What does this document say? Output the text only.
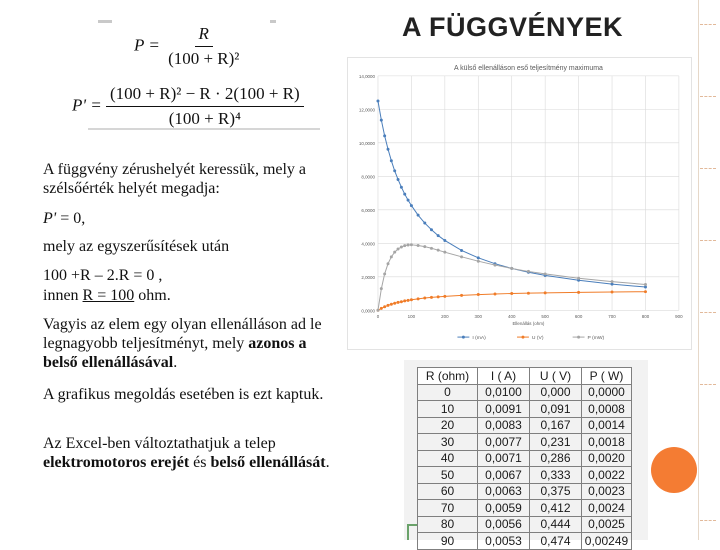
A FÜGGVÉNYEK
$P = \frac{R}{\text{(100 + R)²}}$
$P' = \frac{\text{(100 + R)² − R · 2(100 + R)}}{\text{(100 + R)⁴}}$

A függvény zérushelyét keressük, mely a szélsőérték helyét megadja:

P' = 0,

mely az egyszerűsítések után

100 +R – 2.R = 0 ,

innen R = 100 ohm.

Vagyis az elem egy olyan ellenálláson ad le legnagyobb teljesítményt, mely azonos a belső ellenállásával.

A grafikus megoldás esetében is ezt kaptuk.

Az Excel-ben változtathatjuk a telep elektromotoros erejét és belső ellenállását.

A külső ellenálláson eső teljesítmény maximuma
0,0000
2,0000
4,0000
6,0000
8,0000
10,0000
12,0000
14,0000
0	100	200	300	400	500	600	700	800	900
Ellenállás (ohm)
I (mA)	U (V)	P (mW)
R (ohm)	I ( A)	U ( V)	P ( W)
0	0,0100	0,000	0,0000
10	0,0091	0,091	0,0008
20	0,0083	0,167	0,0014
30	0,0077	0,231	0,0018
40	0,0071	0,286	0,0020
50	0,0067	0,333	0,0022
60	0,0063	0,375	0,0023
70	0,0059	0,412	0,0024
80	0,0056	0,444	0,0025
90	0,0053	0,474	0,00249
